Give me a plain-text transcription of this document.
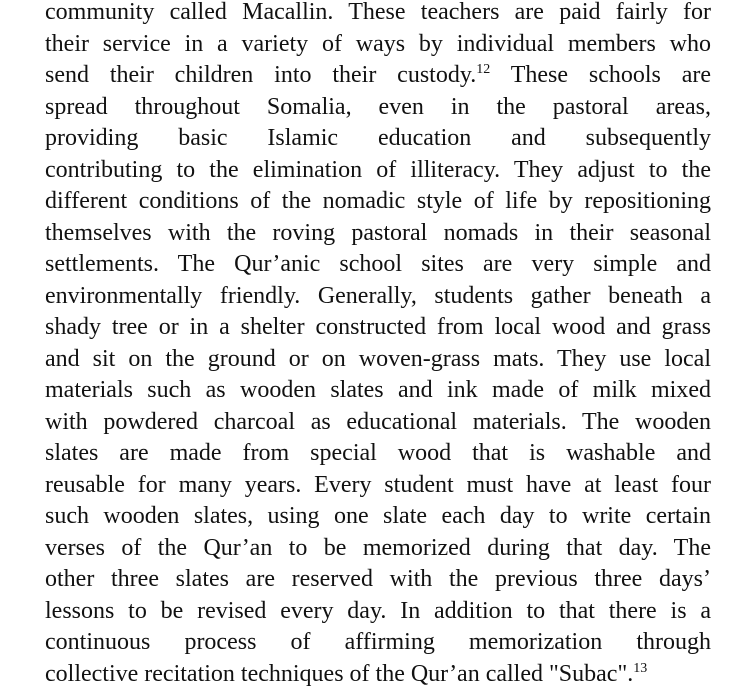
community called Macallin. These teachers are paid fairly for
their service in a variety of ways by individual members who
send their children into their custody.$^{12}$ These schools are
spread throughout Somalia, even in the pastoral areas,
providing basic Islamic education and subsequently
contributing to the elimination of illiteracy. They adjust to the
different conditions of the nomadic style of life by repositioning
themselves with the roving pastoral nomads in their seasonal
settlements. The Qur’anic school sites are very simple and
environmentally friendly. Generally, students gather beneath a
shady tree or in a shelter constructed from local wood and grass
and sit on the ground or on woven-grass mats. They use local
materials such as wooden slates and ink made of milk mixed
with powdered charcoal as educational materials. The wooden
slates are made from special wood that is washable and
reusable for many years. Every student must have at least four
such wooden slates, using one slate each day to write certain
verses of the Qur’an to be memorized during that day. The
other three slates are reserved with the previous three days’
lessons to be revised every day. In addition to that there is a
continuous process of affirming memorization through
collective recitation techniques of the Qur’an called "Subac".$^{13}$
